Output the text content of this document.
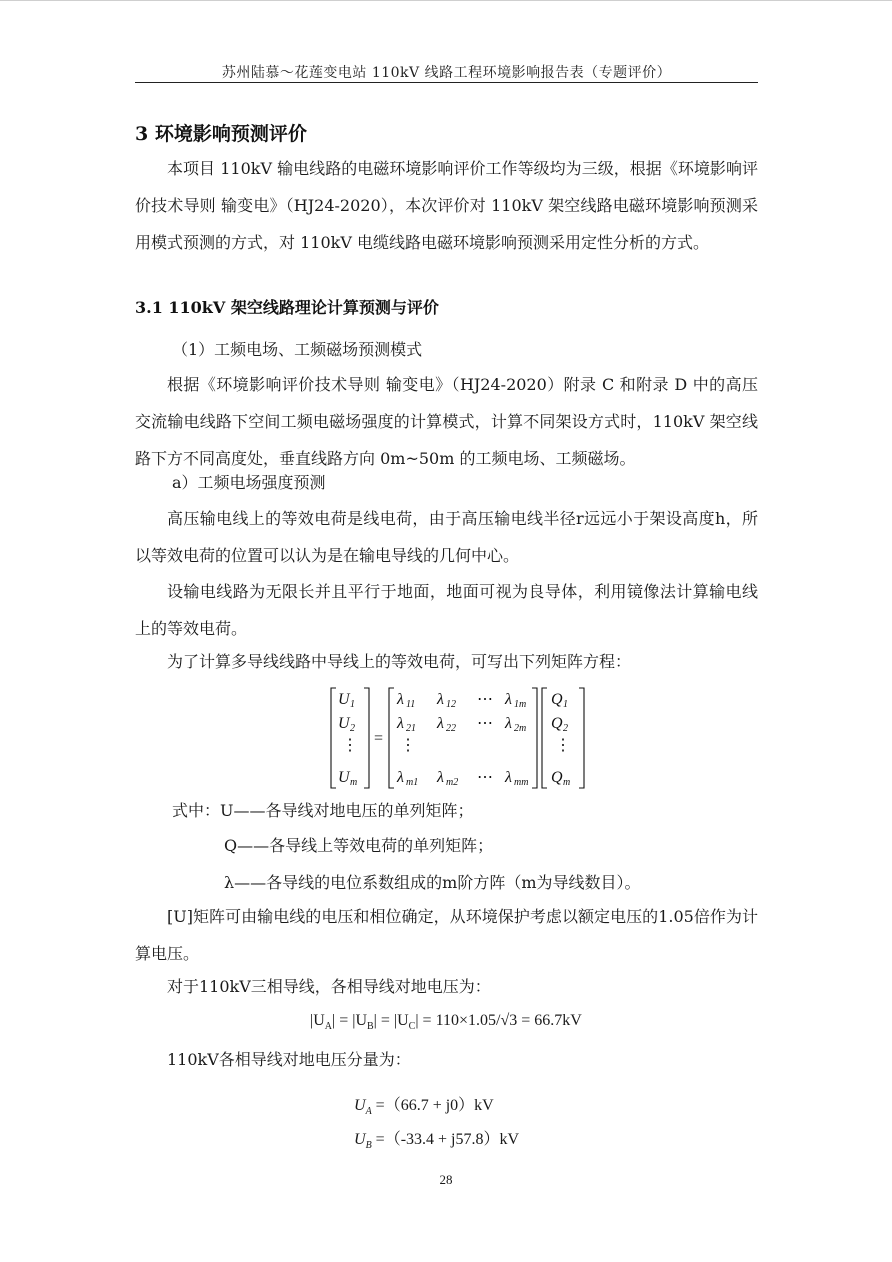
苏州陆慕～花莲变电站 110kV 线路工程环境影响报告表（专题评价）
3 环境影响预测评价
本项目 110kV 输电线路的电磁环境影响评价工作等级均为三级，根据《环境影响评价技术导则 输变电》（HJ24-2020），本次评价对 110kV 架空线路电磁环境影响预测采用模式预测的方式，对 110kV 电缆线路电磁环境影响预测采用定性分析的方式。
3.1 110kV 架空线路理论计算预测与评价
（1）工频电场、工频磁场预测模式
根据《环境影响评价技术导则 输变电》（HJ24-2020）附录 C 和附录 D 中的高压交流输电线路下空间工频电磁场强度的计算模式，计算不同架设方式时，110kV 架空线路下方不同高度处，垂直线路方向 0m~50m 的工频电场、工频磁场。
a）工频电场强度预测
高压输电线上的等效电荷是线电荷，由于高压输电线半径r远远小于架设高度h，所以等效电荷的位置可以认为是在输电导线的几何中心。
设输电线路为无限长并且平行于地面，地面可视为良导体，利用镜像法计算输电线上的等效电荷。
为了计算多导线线路中导线上的等效电荷，可写出下列矩阵方程：
U 1
U 2
⋮
U m
=
λ 11 λ 12 ⋯ λ 1m
λ 21 λ 22 ⋯ λ 2m
⋮
λ m1 λ m2 ⋯ λ mm
Q 1
Q 2
⋮
Q m
式中：U——各导线对地电压的单列矩阵；
Q——各导线上等效电荷的单列矩阵；
λ——各导线的电位系数组成的m阶方阵（m为导线数目）。
[U]矩阵可由输电线的电压和相位确定，从环境保护考虑以额定电压的1.05倍作为计算电压。
对于110kV三相导线，各相导线对地电压为：
$|U_A| = |U_B| = |U_C| = 110\times 1.05/√3 = 66.7kV$
110kV各相导线对地电压分量为：
$U_A =(66.7 + j0)kV$
$U_B =(-33.4 + j57.8)kV$
28
